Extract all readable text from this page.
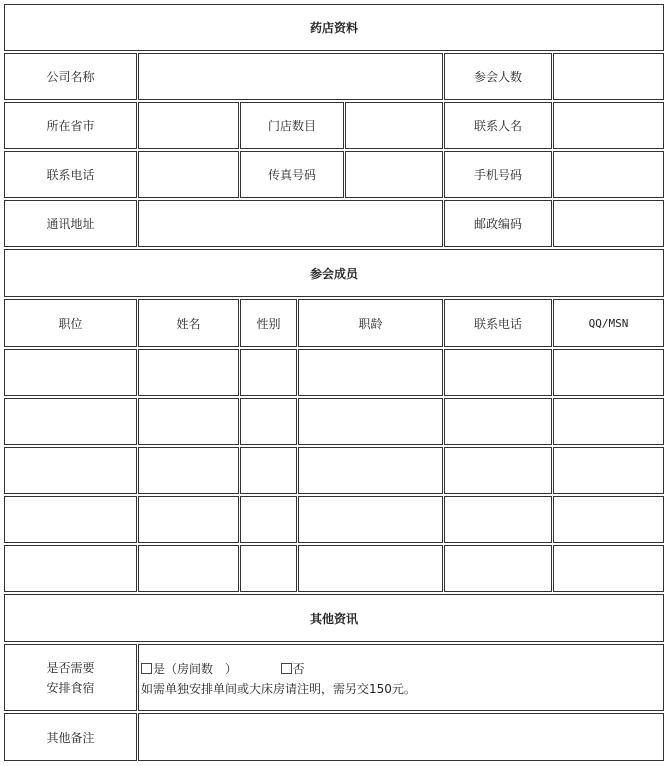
药店资料
公司名称	参会人数
所在省市	门店数目	联系人名
联系电话	传真号码	手机号码
通讯地址	邮政编码
参会成员
职位	姓名	性别	职龄	联系电话	QQ/MSN
其他资讯
是否需要
安排食宿
是（房间数　）	否
如需单独安排单间或大床房请注明，需另交150元。
其他备注
